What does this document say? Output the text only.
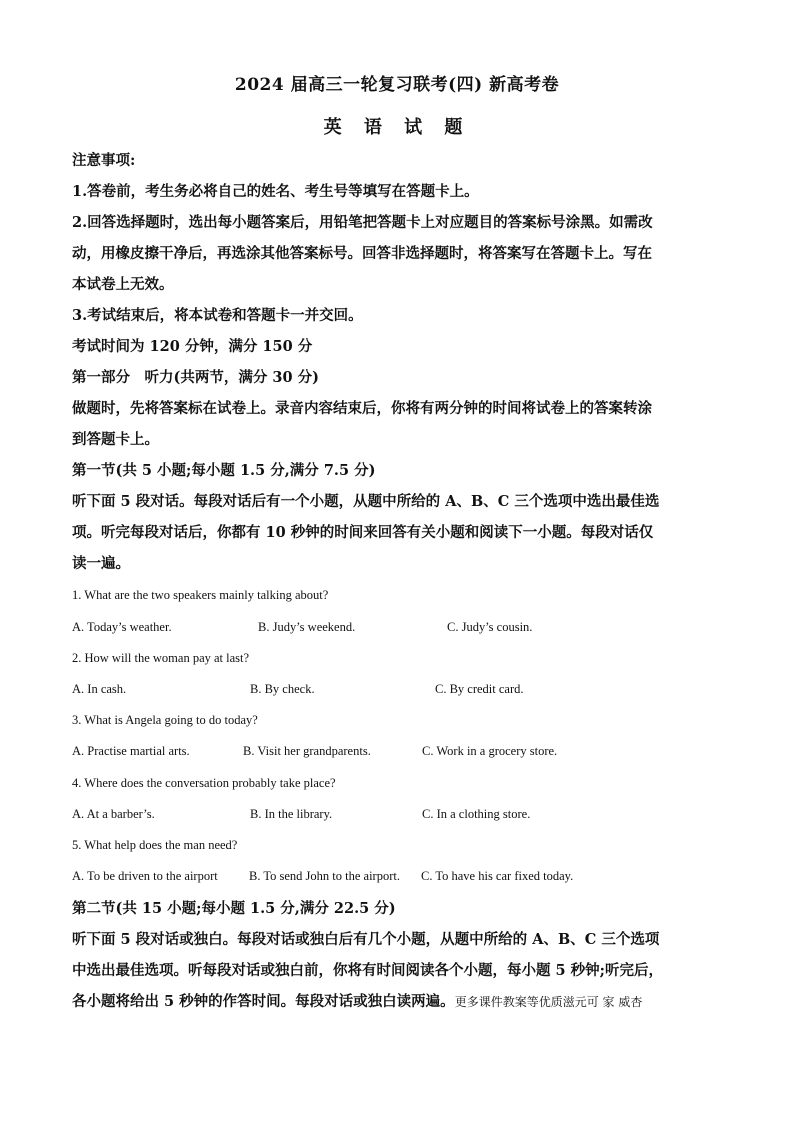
2024 届高三一轮复习联考(四) 新高考卷
英 语 试 题
注意事项:
1.答卷前，考生务必将自己的姓名、考生号等填写在答题卡上。
2.回答选择题时，选出每小题答案后，用铅笔把答题卡上对应题目的答案标号涂黑。如需改
动，用橡皮擦干净后，再选涂其他答案标号。回答非选择题时，将答案写在答题卡上。写在
本试卷上无效。
3.考试结束后，将本试卷和答题卡一并交回。
考试时间为 120 分钟，满分 150 分
第一部分　听力(共两节，满分 30 分)
做题时，先将答案标在试卷上。录音内容结束后，你将有两分钟的时间将试卷上的答案转涂
到答题卡上。
第一节(共 5 小题;每小题 1.5 分,满分 7.5 分)
听下面 5 段对话。每段对话后有一个小题，从题中所给的 A、B、C 三个选项中选出最佳选
项。听完每段对话后，你都有 10 秒钟的时间来回答有关小题和阅读下一小题。每段对话仅
读一遍。
1. What are the two speakers mainly talking about?
A. Today’s weather.	B. Judy’s weekend.	C. Judy’s cousin.
2. How will the woman pay at last?
A. In cash.	B. By check.	C. By credit card.
3. What is Angela going to do today?
A. Practise martial arts.	B. Visit her grandparents.	C. Work in a grocery store.
4. Where does the conversation probably take place?
A. At a barber’s.	B. In the library.	C. In a clothing store.
5. What help does the man need?
A. To be driven to the airport	B. To send John to the airport. C. To have his car fixed today.
第二节(共 15 小题;每小题 1.5 分,满分 22.5 分)
听下面 5 段对话或独白。每段对话或独白后有几个小题，从题中所给的 A、B、C 三个选项
中选出最佳选项。听每段对话或独白前，你将有时间阅读各个小题，每小题 5 秒钟;听完后，
各小题将给出 5 秒钟的作答时间。每段对话或独白读两遍。更多课件教案等优质滋元可 家 威杏
